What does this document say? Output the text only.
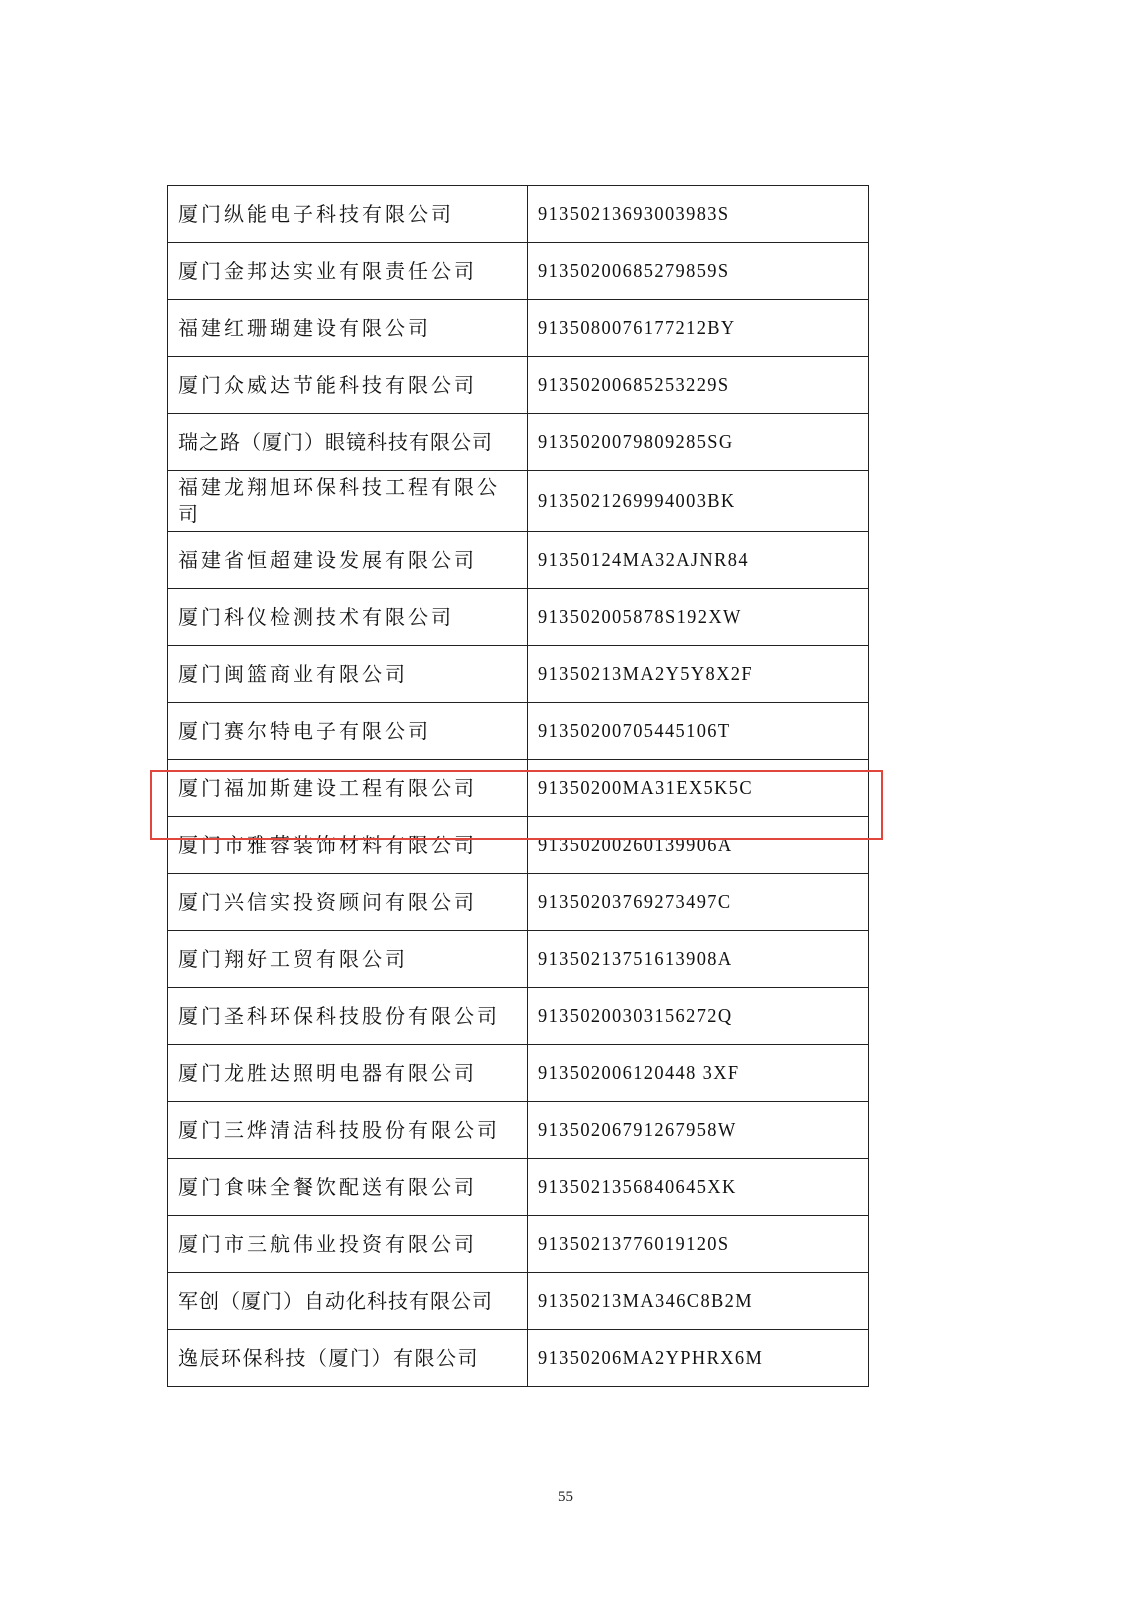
厦门纵能电子科技有限公司	91350213693003983S
厦门金邦达实业有限责任公司	91350200685279859S
福建红珊瑚建设有限公司	9135080076177212BY
厦门众威达节能科技有限公司	91350200685253229S
瑞之路（厦门）眼镜科技有限公司	9135020079809285SG
福建龙翔旭环保科技工程有限公司	9135021269994003BK
福建省恒超建设发展有限公司	91350124MA32AJNR84
厦门科仪检测技术有限公司	913502005878S192XW
厦门闽篮商业有限公司	91350213MA2Y5Y8X2F
厦门赛尔特电子有限公司	91350200705445106T
厦门福加斯建设工程有限公司	91350200MA31EX5K5C
厦门市雅蓉装饰材料有限公司	91350200260139906A
厦门兴信实投资顾问有限公司	91350203769273497C
厦门翔好工贸有限公司	91350213751613908A
厦门圣科环保科技股份有限公司	91350200303156272Q
厦门龙胜达照明电器有限公司	913502006120448 3XF
厦门三烨清洁科技股份有限公司	91350206791267958W
厦门食味全餐饮配送有限公司	9135021356840645XK
厦门市三航伟业投资有限公司	91350213776019120S
军创（厦门）自动化科技有限公司	91350213MA346C8B2M
逸辰环保科技（厦门）有限公司	91350206MA2YPHRX6M
55
